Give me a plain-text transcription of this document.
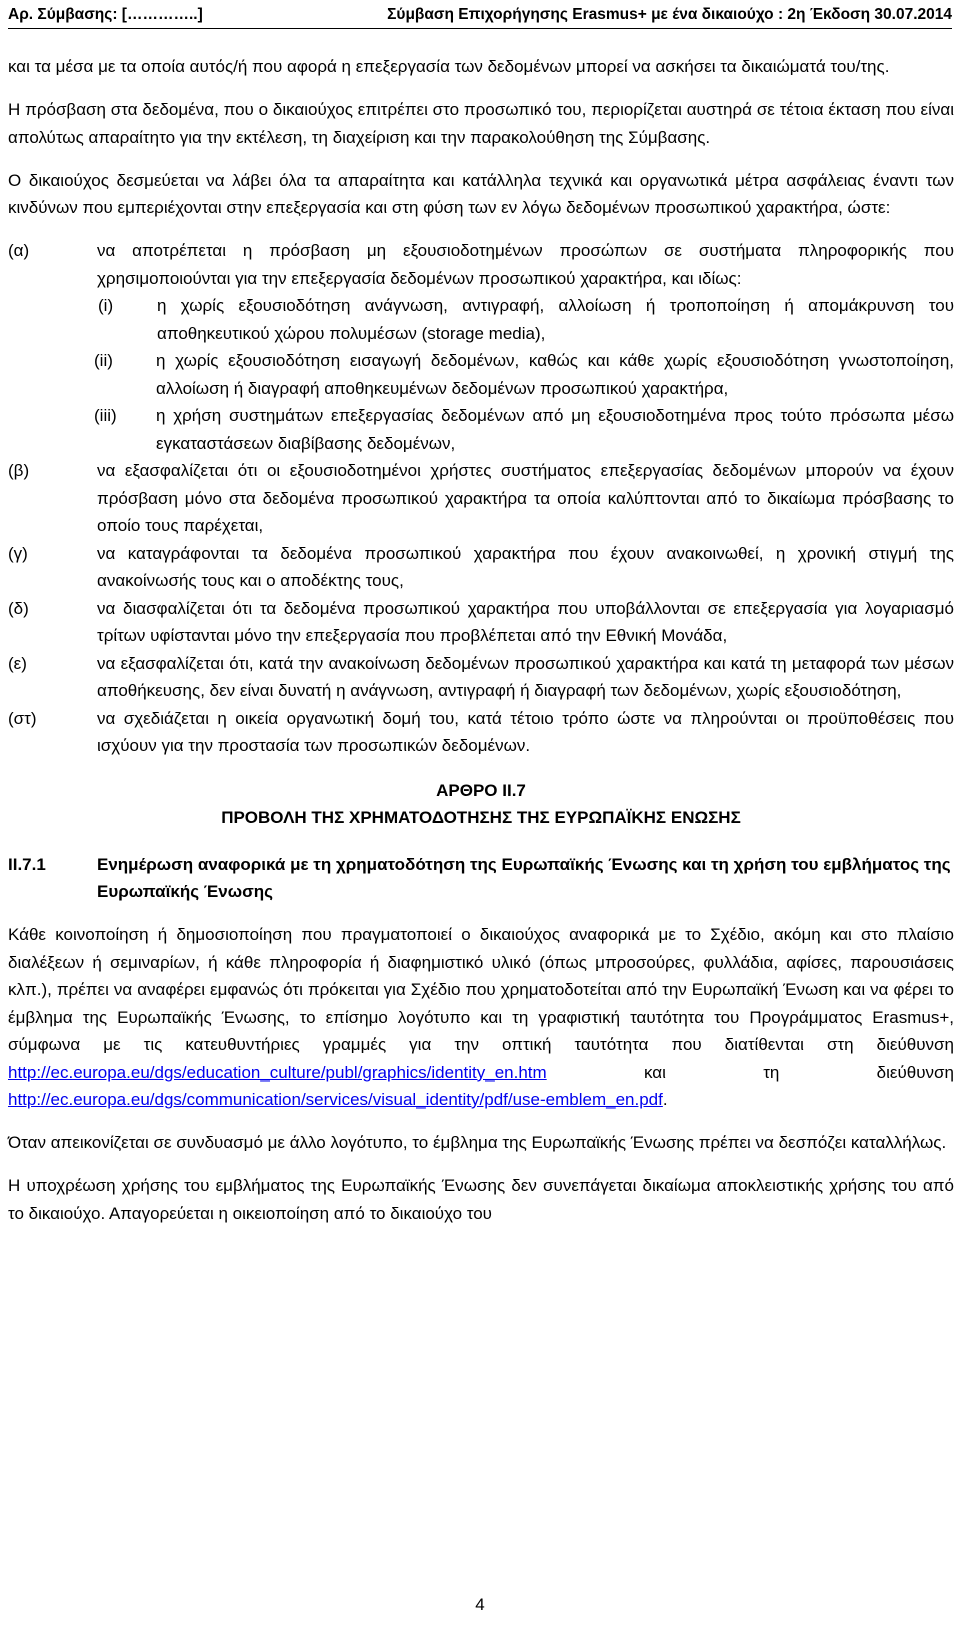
Αρ. Σύμβασης: […………..]	Σύμβαση Επιχορήγησης Erasmus+ με ένα δικαιούχο : 2η Έκδοση 30.07.2014

και τα μέσα με τα οποία αυτός/ή που αφορά η επεξεργασία των δεδομένων μπορεί να ασκήσει τα δικαιώματά του/της.

Η πρόσβαση στα δεδομένα, που ο δικαιούχος επιτρέπει στο προσωπικό του, περιορίζεται αυστηρά σε τέτοια έκταση που είναι απολύτως απαραίτητο για την εκτέλεση, τη διαχείριση και την παρακολούθηση της Σύμβασης.

Ο δικαιούχος δεσμεύεται να λάβει όλα τα απαραίτητα και κατάλληλα τεχνικά και οργανωτικά μέτρα ασφάλειας έναντι των κινδύνων που εμπεριέχονται στην επεξεργασία και στη φύση των εν λόγω δεδομένων προσωπικού χαρακτήρα, ώστε:

(α)	να αποτρέπεται η πρόσβαση μη εξουσιοδοτημένων προσώπων σε συστήματα πληροφορικής που χρησιμοποιούνται για την επεξεργασία δεδομένων προσωπικού χαρακτήρα, και ιδίως:
(i)	η χωρίς εξουσιοδότηση ανάγνωση, αντιγραφή, αλλοίωση ή τροποποίηση ή απομάκρυνση του αποθηκευτικού χώρου πολυμέσων (storage media),
(ii)	η χωρίς εξουσιοδότηση εισαγωγή δεδομένων, καθώς και κάθε χωρίς εξουσιοδότηση γνωστοποίηση, αλλοίωση ή διαγραφή αποθηκευμένων δεδομένων προσωπικού χαρακτήρα,
(iii)	η χρήση συστημάτων επεξεργασίας δεδομένων από μη εξουσιοδοτημένα προς τούτο πρόσωπα μέσω εγκαταστάσεων διαβίβασης δεδομένων,
(β)	να εξασφαλίζεται ότι οι εξουσιοδοτημένοι χρήστες συστήματος επεξεργασίας δεδομένων μπορούν να έχουν πρόσβαση μόνο στα δεδομένα προσωπικού χαρακτήρα τα οποία καλύπτονται από το δικαίωμα πρόσβασης το οποίο τους παρέχεται,
(γ)	να καταγράφονται τα δεδομένα προσωπικού χαρακτήρα που έχουν ανακοινωθεί, η χρονική στιγμή της ανακοίνωσής τους και ο αποδέκτης τους,
(δ)	να διασφαλίζεται ότι τα δεδομένα προσωπικού χαρακτήρα που υποβάλλονται σε επεξεργασία για λογαριασμό τρίτων υφίστανται μόνο την επεξεργασία που προβλέπεται από την Εθνική Μονάδα,
(ε)	να εξασφαλίζεται ότι, κατά την ανακοίνωση δεδομένων προσωπικού χαρακτήρα και κατά τη μεταφορά των μέσων αποθήκευσης, δεν είναι δυνατή η ανάγνωση, αντιγραφή ή διαγραφή των δεδομένων, χωρίς εξουσιοδότηση,
(στ)	να σχεδιάζεται η οικεία οργανωτική δομή του, κατά τέτοιο τρόπο ώστε να πληρούνται οι προϋποθέσεις που ισχύουν για την προστασία των προσωπικών δεδομένων.
ΑΡΘΡΟ II.7
ΠΡΟΒΟΛΗ ΤΗΣ ΧΡΗΜΑΤΟΔΟΤΗΣΗΣ ΤΗΣ ΕΥΡΩΠΑΪΚΗΣ ΕΝΩΣΗΣ
II.7.1	Ενημέρωση αναφορικά με τη χρηματοδότηση της Ευρωπαϊκής Ένωσης και τη χρήση του εμβλήματος της Ευρωπαϊκής Ένωσης

Κάθε κοινοποίηση ή δημοσιοποίηση που πραγματοποιεί ο δικαιούχος αναφορικά με το Σχέδιο, ακόμη και στο πλαίσιο διαλέξεων ή σεμιναρίων, ή κάθε πληροφορία ή διαφημιστικό υλικό (όπως μπροσούρες, φυλλάδια, αφίσες, παρουσιάσεις κλπ.), πρέπει να αναφέρει εμφανώς ότι πρόκειται για Σχέδιο που χρηματοδοτείται από την Ευρωπαϊκή Ένωση και να φέρει το έμβλημα της Ευρωπαϊκής Ένωσης, το επίσημο λογότυπο και τη γραφιστική ταυτότητα του Προγράμματος Erasmus+, σύμφωνα με τις κατευθυντήριες γραμμές για την οπτική ταυτότητα που διατίθενται στη διεύθυνση http://ec.europa.eu/dgs/education_culture/publ/graphics/identity_en.htm	και τη διεύθυνση http://ec.europa.eu/dgs/communication/services/visual_identity/pdf/use-emblem_en.pdf.

Όταν απεικονίζεται σε συνδυασμό με άλλο λογότυπο, το έμβλημα της Ευρωπαϊκής Ένωσης πρέπει να δεσπόζει καταλλήλως.

Η υποχρέωση χρήσης του εμβλήματος της Ευρωπαϊκής Ένωσης δεν συνεπάγεται δικαίωμα αποκλειστικής χρήσης του από το δικαιούχο. Απαγορεύεται η οικειοποίηση από το δικαιούχο του

4
